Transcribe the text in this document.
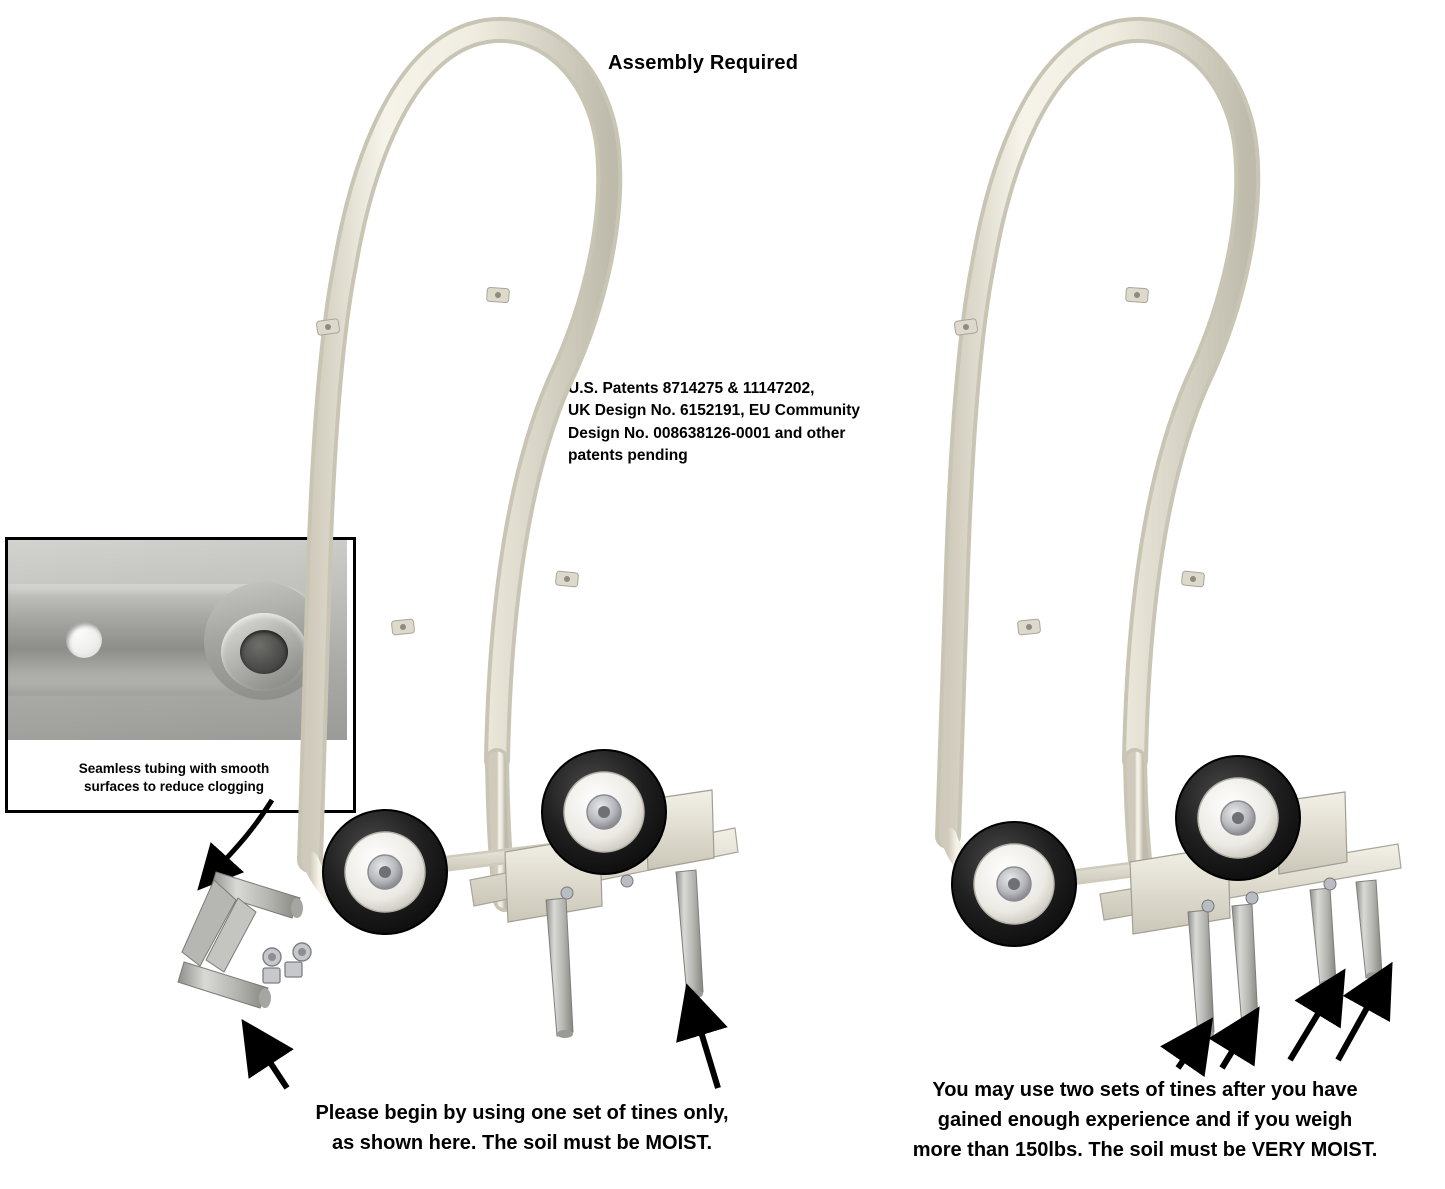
Assembly Required
U.S. Patents 8714275 & 11147202,
UK Design No. 6152191, EU Community
Design No. 008638126-0001 and other
patents pending
Seamless tubing with smooth
surfaces to reduce clogging
Please begin by using one set of tines only,
as shown here. The soil must be MOIST.
You may use two sets of tines after you have
gained enough experience and if you weigh
more than 150lbs. The soil must be VERY MOIST.
